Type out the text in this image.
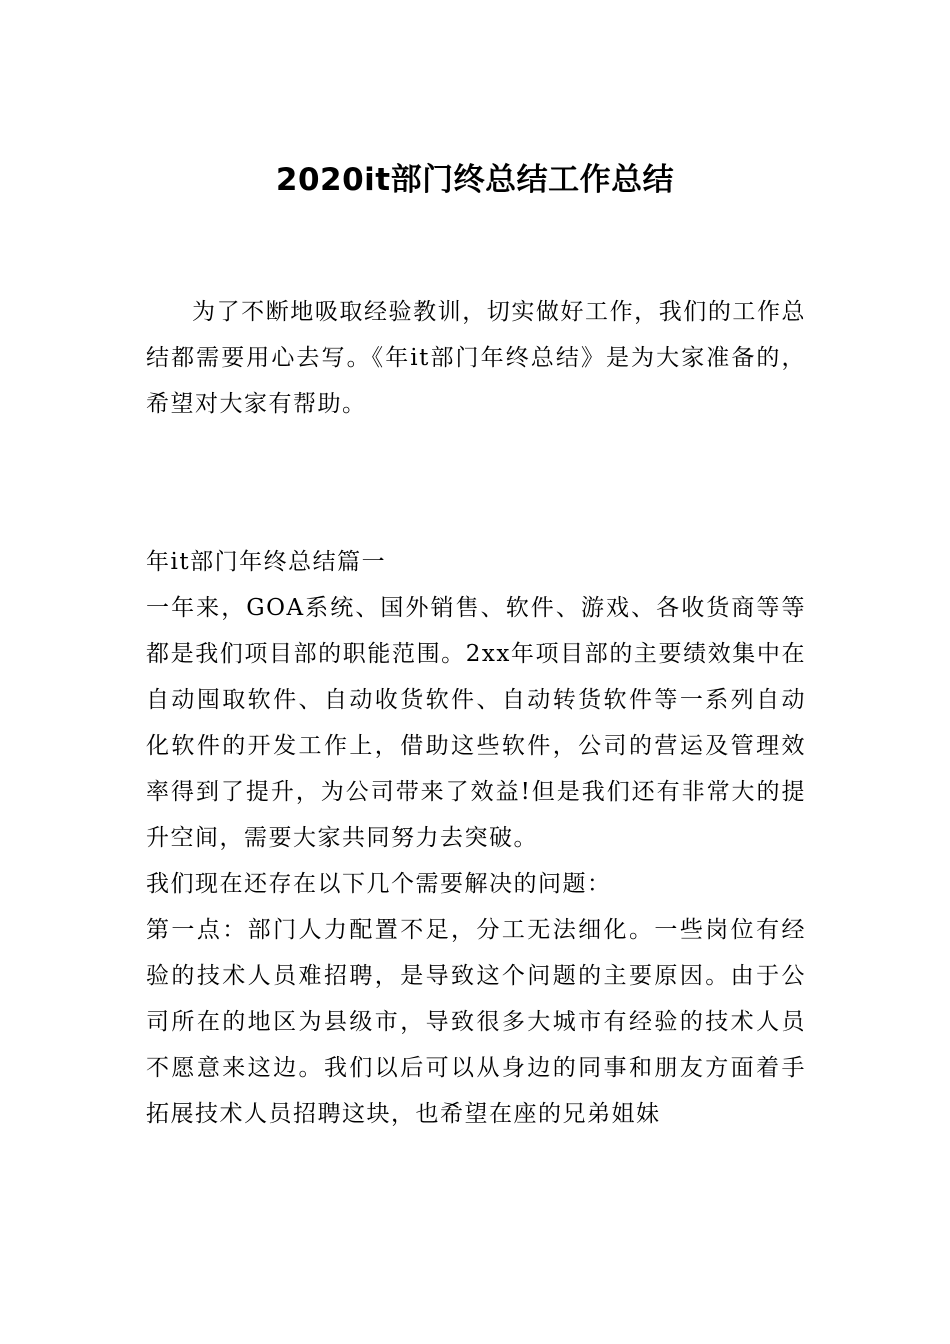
2020it部门终总结工作总结
为了不断地吸取经验教训，切实做好工作，我们的工作总结都需要用心去写。《年it部门年终总结》是为大家准备的，希望对大家有帮助。

年it部门年终总结篇一

一年来，GOA系统、国外销售、软件、游戏、各收货商等等都是我们项目部的职能范围。2xx年项目部的主要绩效集中在自动囤取软件、自动收货软件、自动转货软件等一系列自动化软件的开发工作上，借助这些软件，公司的营运及管理效率得到了提升，为公司带来了效益!但是我们还有非常大的提升空间，需要大家共同努力去突破。

我们现在还存在以下几个需要解决的问题：

第一点：部门人力配置不足，分工无法细化。一些岗位有经验的技术人员难招聘，是导致这个问题的主要原因。由于公司所在的地区为县级市，导致很多大城市有经验的技术人员不愿意来这边。我们以后可以从身边的同事和朋友方面着手拓展技术人员招聘这块，也希望在座的兄弟姐妹
